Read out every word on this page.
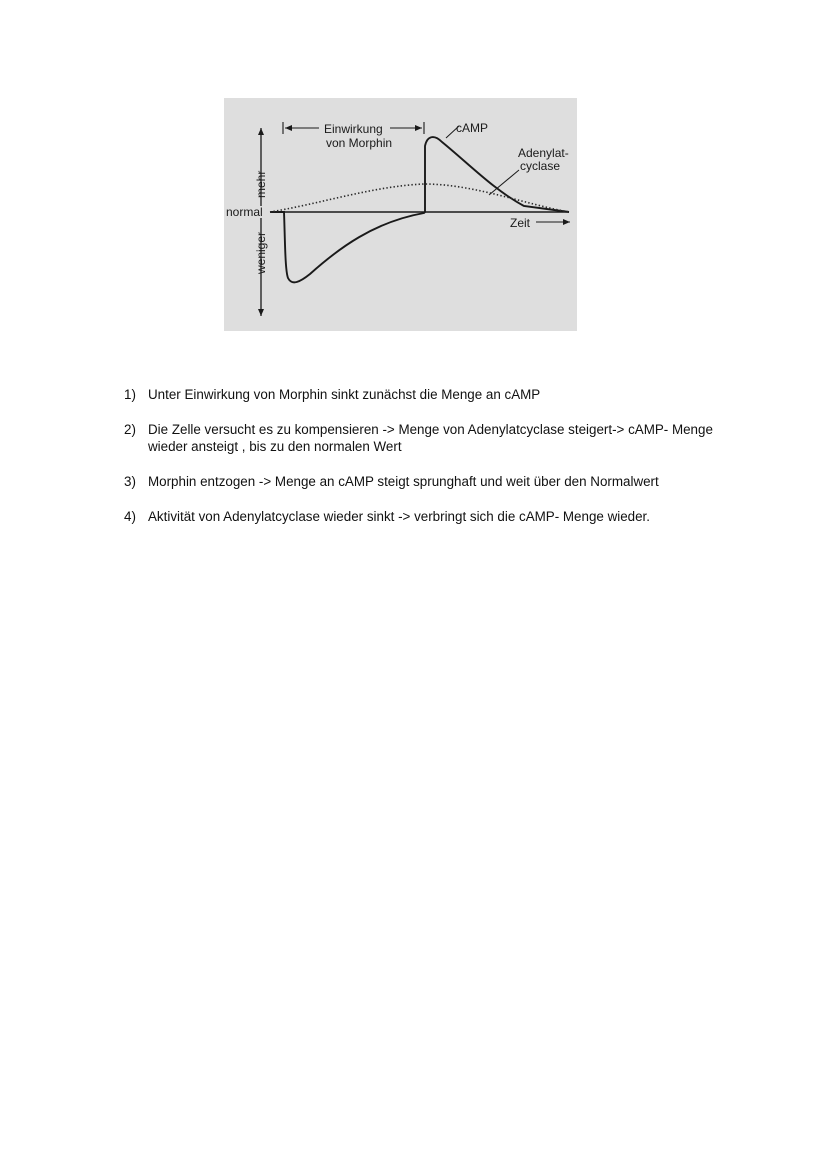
Einwirkung
von Morphin
cAMP
Adenylat-
cyclase
normal
Zeit
mehr
weniger
1) Unter Einwirkung von Morphin sinkt zunächst die Menge an cAMP
2) Die Zelle versucht es zu kompensieren -> Menge von Adenylatcyclase steigert-> cAMP- Menge wieder ansteigt , bis zu den normalen Wert
3) Morphin entzogen -> Menge an cAMP steigt sprunghaft und weit über den Normalwert
4) Aktivität von Adenylatcyclase wieder sinkt -> verbringt sich die cAMP- Menge wieder.
